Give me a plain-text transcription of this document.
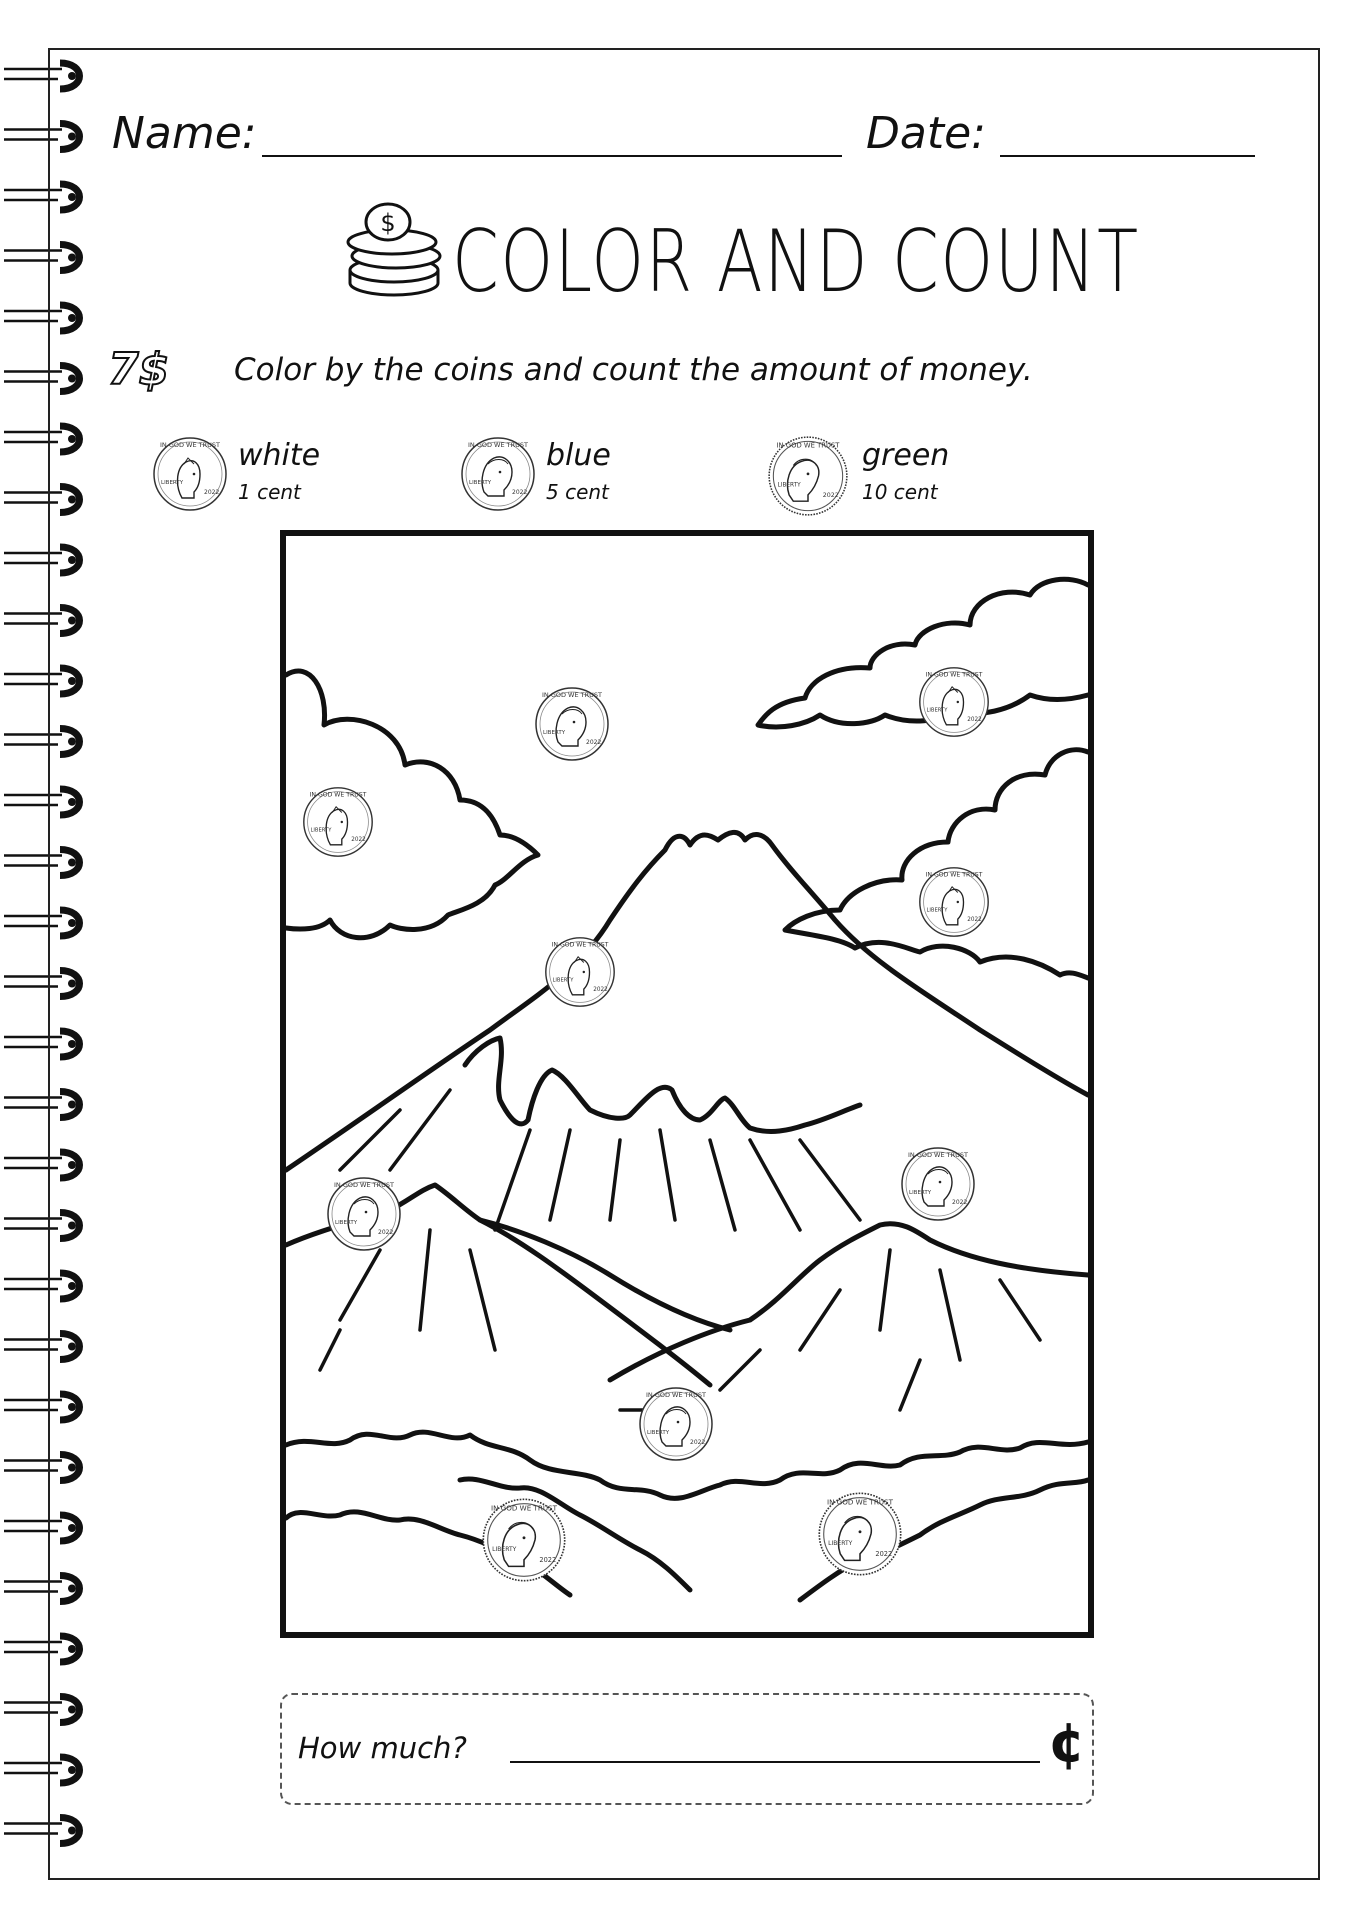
Name:	Date:
$ COLOR AND COUNT
7$ Color by the coins and count the amount of money.
IN GOD WE TRUST
LIBERTY
2022
white
1 cent
IN GOD WE TRUST
LIBERTY
2022
blue
5 cent
IN GOD WE TRUST
LIBERTY
2022
green
10 cent
IN GOD WE TRUST
LIBERTY
2022
IN GOD WE TRUST
LIBERTY
2022
IN GOD WE TRUST
LIBERTY
2022
IN GOD WE TRUST
LIBERTY
2022
IN GOD WE TRUST
LIBERTY
2022
IN GOD WE TRUST
LIBERTY
2022
IN GOD WE TRUST
LIBERTY
2022
IN GOD WE TRUST
LIBERTY
2022
IN GOD WE TRUST
LIBERTY
2022
IN GOD WE TRUST
LIBERTY
2022
How much?	¢
